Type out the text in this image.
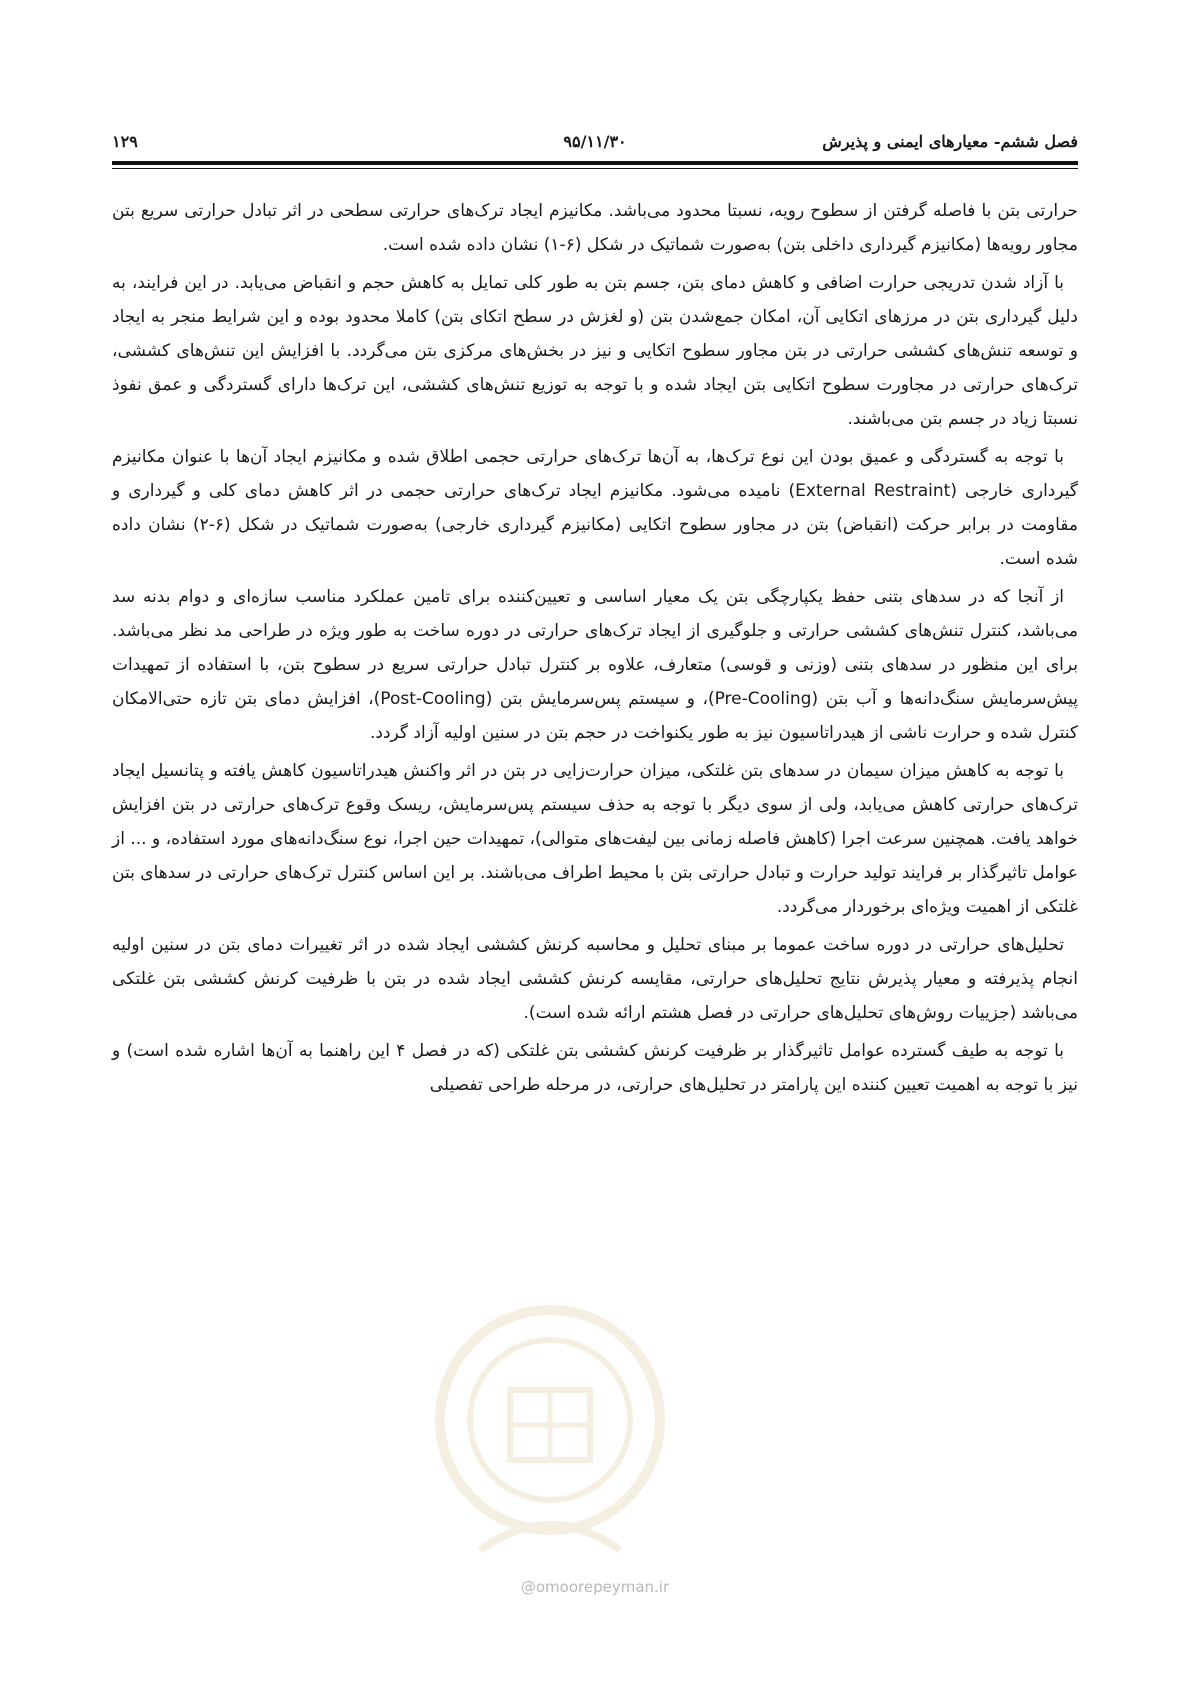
فصل ششم- معیارهای ایمنی و پذیرش
۹۵/۱۱/۳۰
۱۲۹

حرارتی بتن با فاصله گرفتن از سطوح رویه، نسبتا محدود می‌باشد. مکانیزم ایجاد ترک‌های حرارتی سطحی در اثر تبادل حرارتی سریع بتن مجاور رویه‌ها (مکانیزم گیرداری داخلی بتن) به‌صورت شماتیک در شکل (۶-۱) نشان داده شده است.

با آزاد شدن تدریجی حرارت اضافی و کاهش دمای بتن، جسم بتن به طور کلی تمایل به کاهش حجم و انقباض می‌یابد. در این فرایند، به دلیل گیرداری بتن در مرزهای اتکایی آن، امکان جمع‌شدن بتن (و لغزش در سطح اتکای بتن) کاملا محدود بوده و این شرایط منجر به ایجاد و توسعه تنش‌های کششی حرارتی در بتن مجاور سطوح اتکایی و نیز در بخش‌های مرکزی بتن می‌گردد. با افزایش این تنش‌های کششی، ترک‌های حرارتی در مجاورت سطوح اتکایی بتن ایجاد شده و با توجه به توزیع تنش‌های کششی، این ترک‌ها دارای گستردگی و عمق نفوذ نسبتا زیاد در جسم بتن می‌باشند.

با توجه به گستردگی و عمیق بودن این نوع ترک‌ها، به آن‌ها ترک‌های حرارتی حجمی اطلاق شده و مکانیزم ایجاد آن‌ها با عنوان مکانیزم گیرداری خارجی (External Restraint) نامیده می‌شود. مکانیزم ایجاد ترک‌های حرارتی حجمی در اثر کاهش دمای کلی و گیرداری و مقاومت در برابر حرکت (انقباض) بتن در مجاور سطوح اتکایی (مکانیزم گیرداری خارجی) به‌صورت شماتیک در شکل (۶-۲) نشان داده شده است.

از آنجا که در سدهای بتنی حفظ یکپارچگی بتن یک معیار اساسی و تعیین‌کننده برای تامین عملکرد مناسب سازه‌ای و دوام بدنه سد می‌باشد، کنترل تنش‌های کششی حرارتی و جلوگیری از ایجاد ترک‌های حرارتی در دوره ساخت به طور ویژه در طراحی مد نظر می‌باشد. برای این منظور در سدهای بتنی (وزنی و قوسی) متعارف، علاوه بر کنترل تبادل حرارتی سریع در سطوح بتن، با استفاده از تمهیدات پیش‌سرمایش سنگ‌دانه‌ها و آب بتن (Pre-Cooling)، و سیستم پس‌سرمایش بتن (Post-Cooling)، افزایش دمای بتن تازه حتی‌الامکان کنترل شده و حرارت ناشی از هیدراتاسیون نیز به طور یکنواخت در حجم بتن در سنین اولیه آزاد گردد.

با توجه به کاهش میزان سیمان در سدهای بتن غلتکی، میزان حرارت‌زایی در بتن در اثر واکنش هیدراتاسیون کاهش یافته و پتانسیل ایجاد ترک‌های حرارتی کاهش می‌یابد، ولی از سوی دیگر با توجه به حذف سیستم پس‌سرمایش، ریسک وقوع ترک‌های حرارتی در بتن افزایش خواهد یافت. همچنین سرعت اجرا (کاهش فاصله زمانی بین لیفت‌های متوالی)، تمهیدات حین اجرا، نوع سنگ‌دانه‌های مورد استفاده، و ... از عوامل تاثیرگذار بر فرایند تولید حرارت و تبادل حرارتی بتن با محیط اطراف می‌باشند. بر این اساس کنترل ترک‌های حرارتی در سدهای بتن غلتکی از اهمیت ویژه‌ای برخوردار می‌گردد.

تحلیل‌های حرارتی در دوره ساخت عموما بر مبنای تحلیل و محاسبه کرنش کششی ایجاد شده در اثر تغییرات دمای بتن در سنین اولیه انجام پذیرفته و معیار پذیرش نتایج تحلیل‌های حرارتی، مقایسه کرنش کششی ایجاد شده در بتن با ظرفیت کرنش کششی بتن غلتکی می‌باشد (جزییات روش‌های تحلیل‌های حرارتی در فصل هشتم ارائه شده است).

با توجه به طیف گسترده عوامل تاثیرگذار بر ظرفیت کرنش کششی بتن غلتکی (که در فصل ۴ این راهنما به آن‌ها اشاره شده است) و نیز با توجه به اهمیت تعیین کننده این پارامتر در تحلیل‌های حرارتی، در مرحله طراحی تفصیلی

@omoorepeyman.ir
